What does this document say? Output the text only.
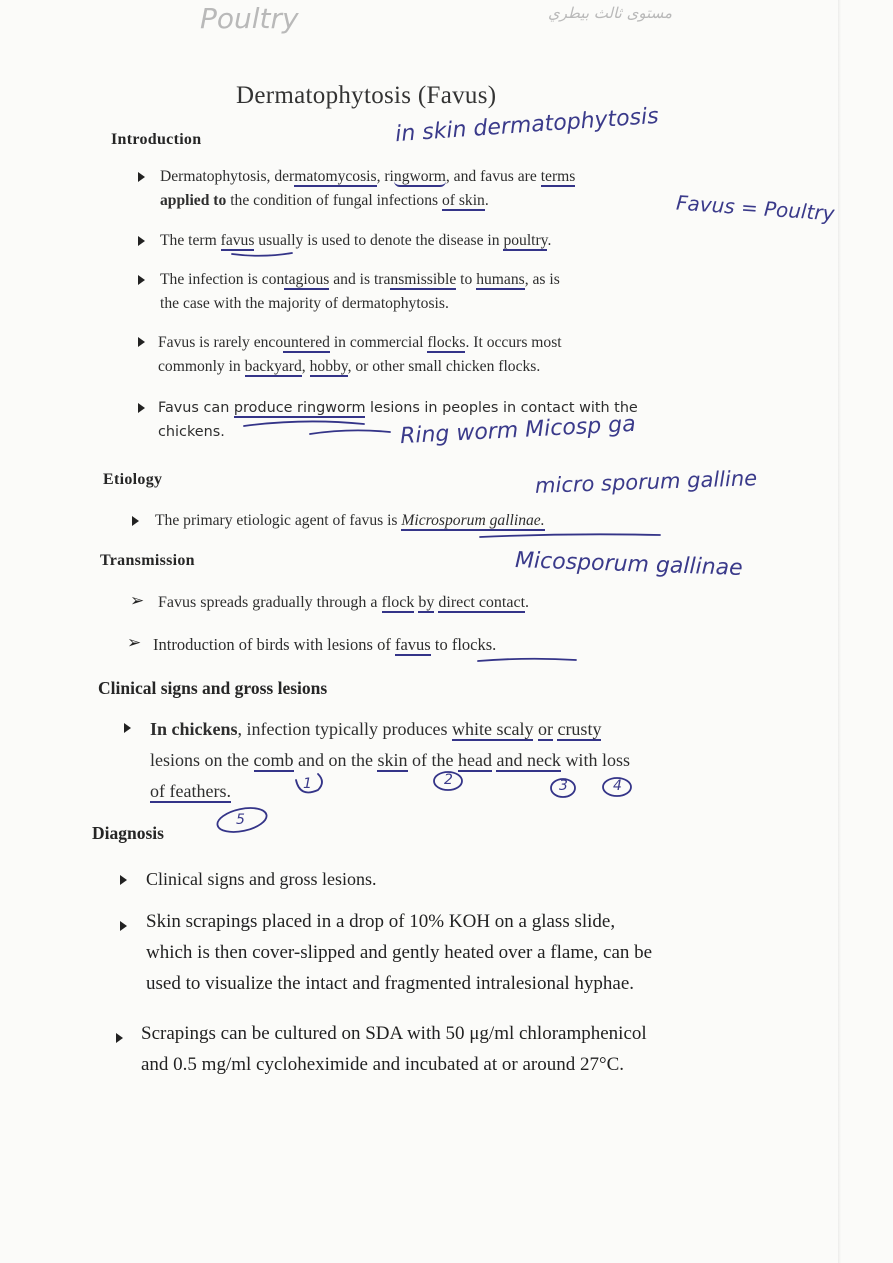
Poultry	مستوى ثالث بيطري
Dermatophytosis (Favus)
in skin dermatophytosis
Introduction
Dermatophytosis, dermatomycosis, ringworm, and favus are terms
applied to the condition of fungal infections of skin.	Favus = Poultry
The term favus usually is used to denote the disease in poultry.
The infection is contagious and is transmissible to humans, as is
the case with the majority of dermatophytosis.
Favus is rarely encountered in commercial flocks. It occurs most
commonly in backyard, hobby, or other small chicken flocks.
Favus can produce ringworm lesions in peoples in contact with the
chickens.	Ring worm Micosp ga
Etiology	micro sporum galline
The primary etiologic agent of favus is Microsporum gallinae.
Transmission	Micosporum gallinae
➢ Favus spreads gradually through a flock by direct contact.
➢ Introduction of birds with lesions of favus to flocks.
Clinical signs and gross lesions
In chickens, infection typically produces white scaly or crusty
lesions on the comb and on the skin of the head and neck with loss
of feathers.	1	2	3	4
5
Diagnosis
Clinical signs and gross lesions.
Skin scrapings placed in a drop of 10% KOH on a glass slide,
which is then cover-slipped and gently heated over a flame, can be
used to visualize the intact and fragmented intralesional hyphae.
Scrapings can be cultured on SDA with 50 μg/ml chloramphenicol
and 0.5 mg/ml cycloheximide and incubated at or around 27°C.
